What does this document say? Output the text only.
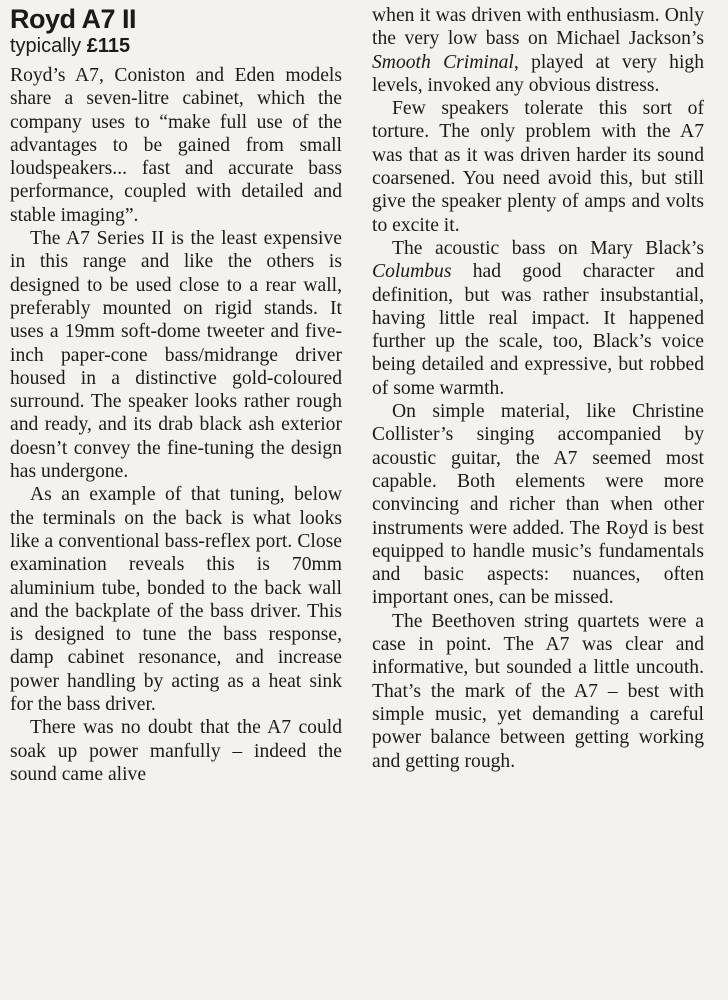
Royd A7 II
typically £115

Royd’s A7, Coniston and Eden models share a seven-litre cabinet, which the company uses to “make full use of the advantages to be gained from small loudspeakers... fast and accurate bass performance, coupled with detailed and stable imaging”.

The A7 Series II is the least expensive in this range and like the others is designed to be used close to a rear wall, preferably mounted on rigid stands. It uses a 19mm soft-dome tweeter and five-inch paper-cone bass/midrange driver housed in a distinctive gold-coloured surround. The speaker looks rather rough and ready, and its drab black ash exterior doesn’t convey the fine-tuning the design has undergone.

As an example of that tuning, below the terminals on the back is what looks like a conventional bass-reflex port. Close examination reveals this is 70mm aluminium tube, bonded to the back wall and the backplate of the bass driver. This is designed to tune the bass response, damp cabinet resonance, and increase power handling by acting as a heat sink for the bass driver.

There was no doubt that the A7 could soak up power manfully – indeed the sound came alive

when it was driven with enthusiasm. Only the very low bass on Michael Jackson’s Smooth Criminal, played at very high levels, invoked any obvious distress.

Few speakers tolerate this sort of torture. The only problem with the A7 was that as it was driven harder its sound coarsened. You need avoid this, but still give the speaker plenty of amps and volts to excite it.

The acoustic bass on Mary Black’s Columbus had good character and definition, but was rather insubstantial, having little real impact. It happened further up the scale, too, Black’s voice being detailed and expressive, but robbed of some warmth.

On simple material, like Christine Collister’s singing accompanied by acoustic guitar, the A7 seemed most capable. Both elements were more convincing and richer than when other instruments were added. The Royd is best equipped to handle music’s fundamentals and basic aspects: nuances, often important ones, can be missed.

The Beethoven string quartets were a case in point. The A7 was clear and informative, but sounded a little uncouth. That’s the mark of the A7 – best with simple music, yet demanding a careful power balance between getting working and getting rough.
